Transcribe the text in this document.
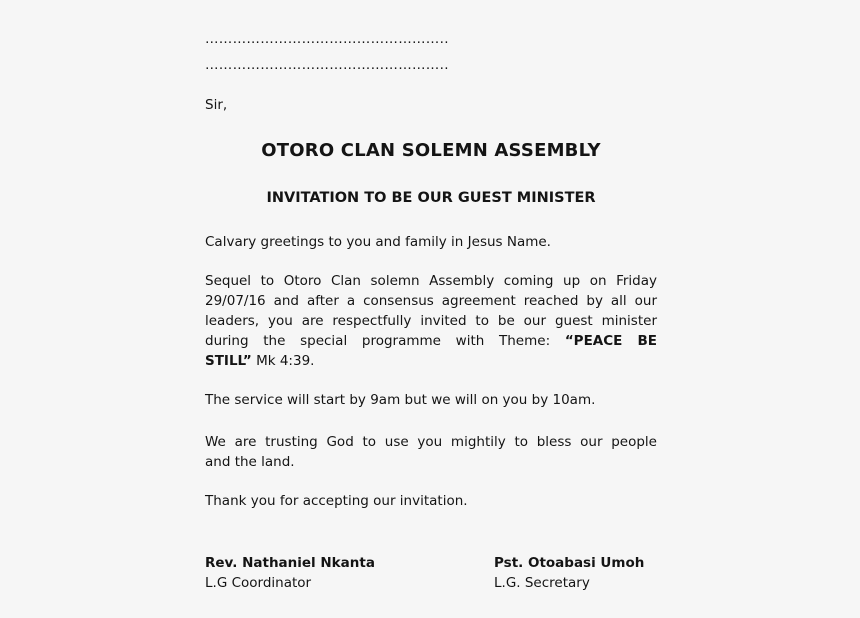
……………………………………………..
……………………………………………..
Sir,
OTORO CLAN SOLEMN ASSEMBLY
INVITATION TO BE OUR GUEST MINISTER
Calvary greetings to you and family in Jesus Name.
Sequel to Otoro Clan solemn Assembly coming up on Friday
29/07/16 and after a consensus agreement reached by all our
leaders, you are respectfully invited to be our guest minister
during the special programme with Theme: “PEACE BE
STILL” Mk 4:39.
The service will start by 9am but we will on you by 10am.
We are trusting God to use you mightily to bless our people
and the land.
Thank you for accepting our invitation.
Rev. Nathaniel Nkanta
L.G Coordinator
Pst. Otoabasi Umoh
L.G. Secretary
